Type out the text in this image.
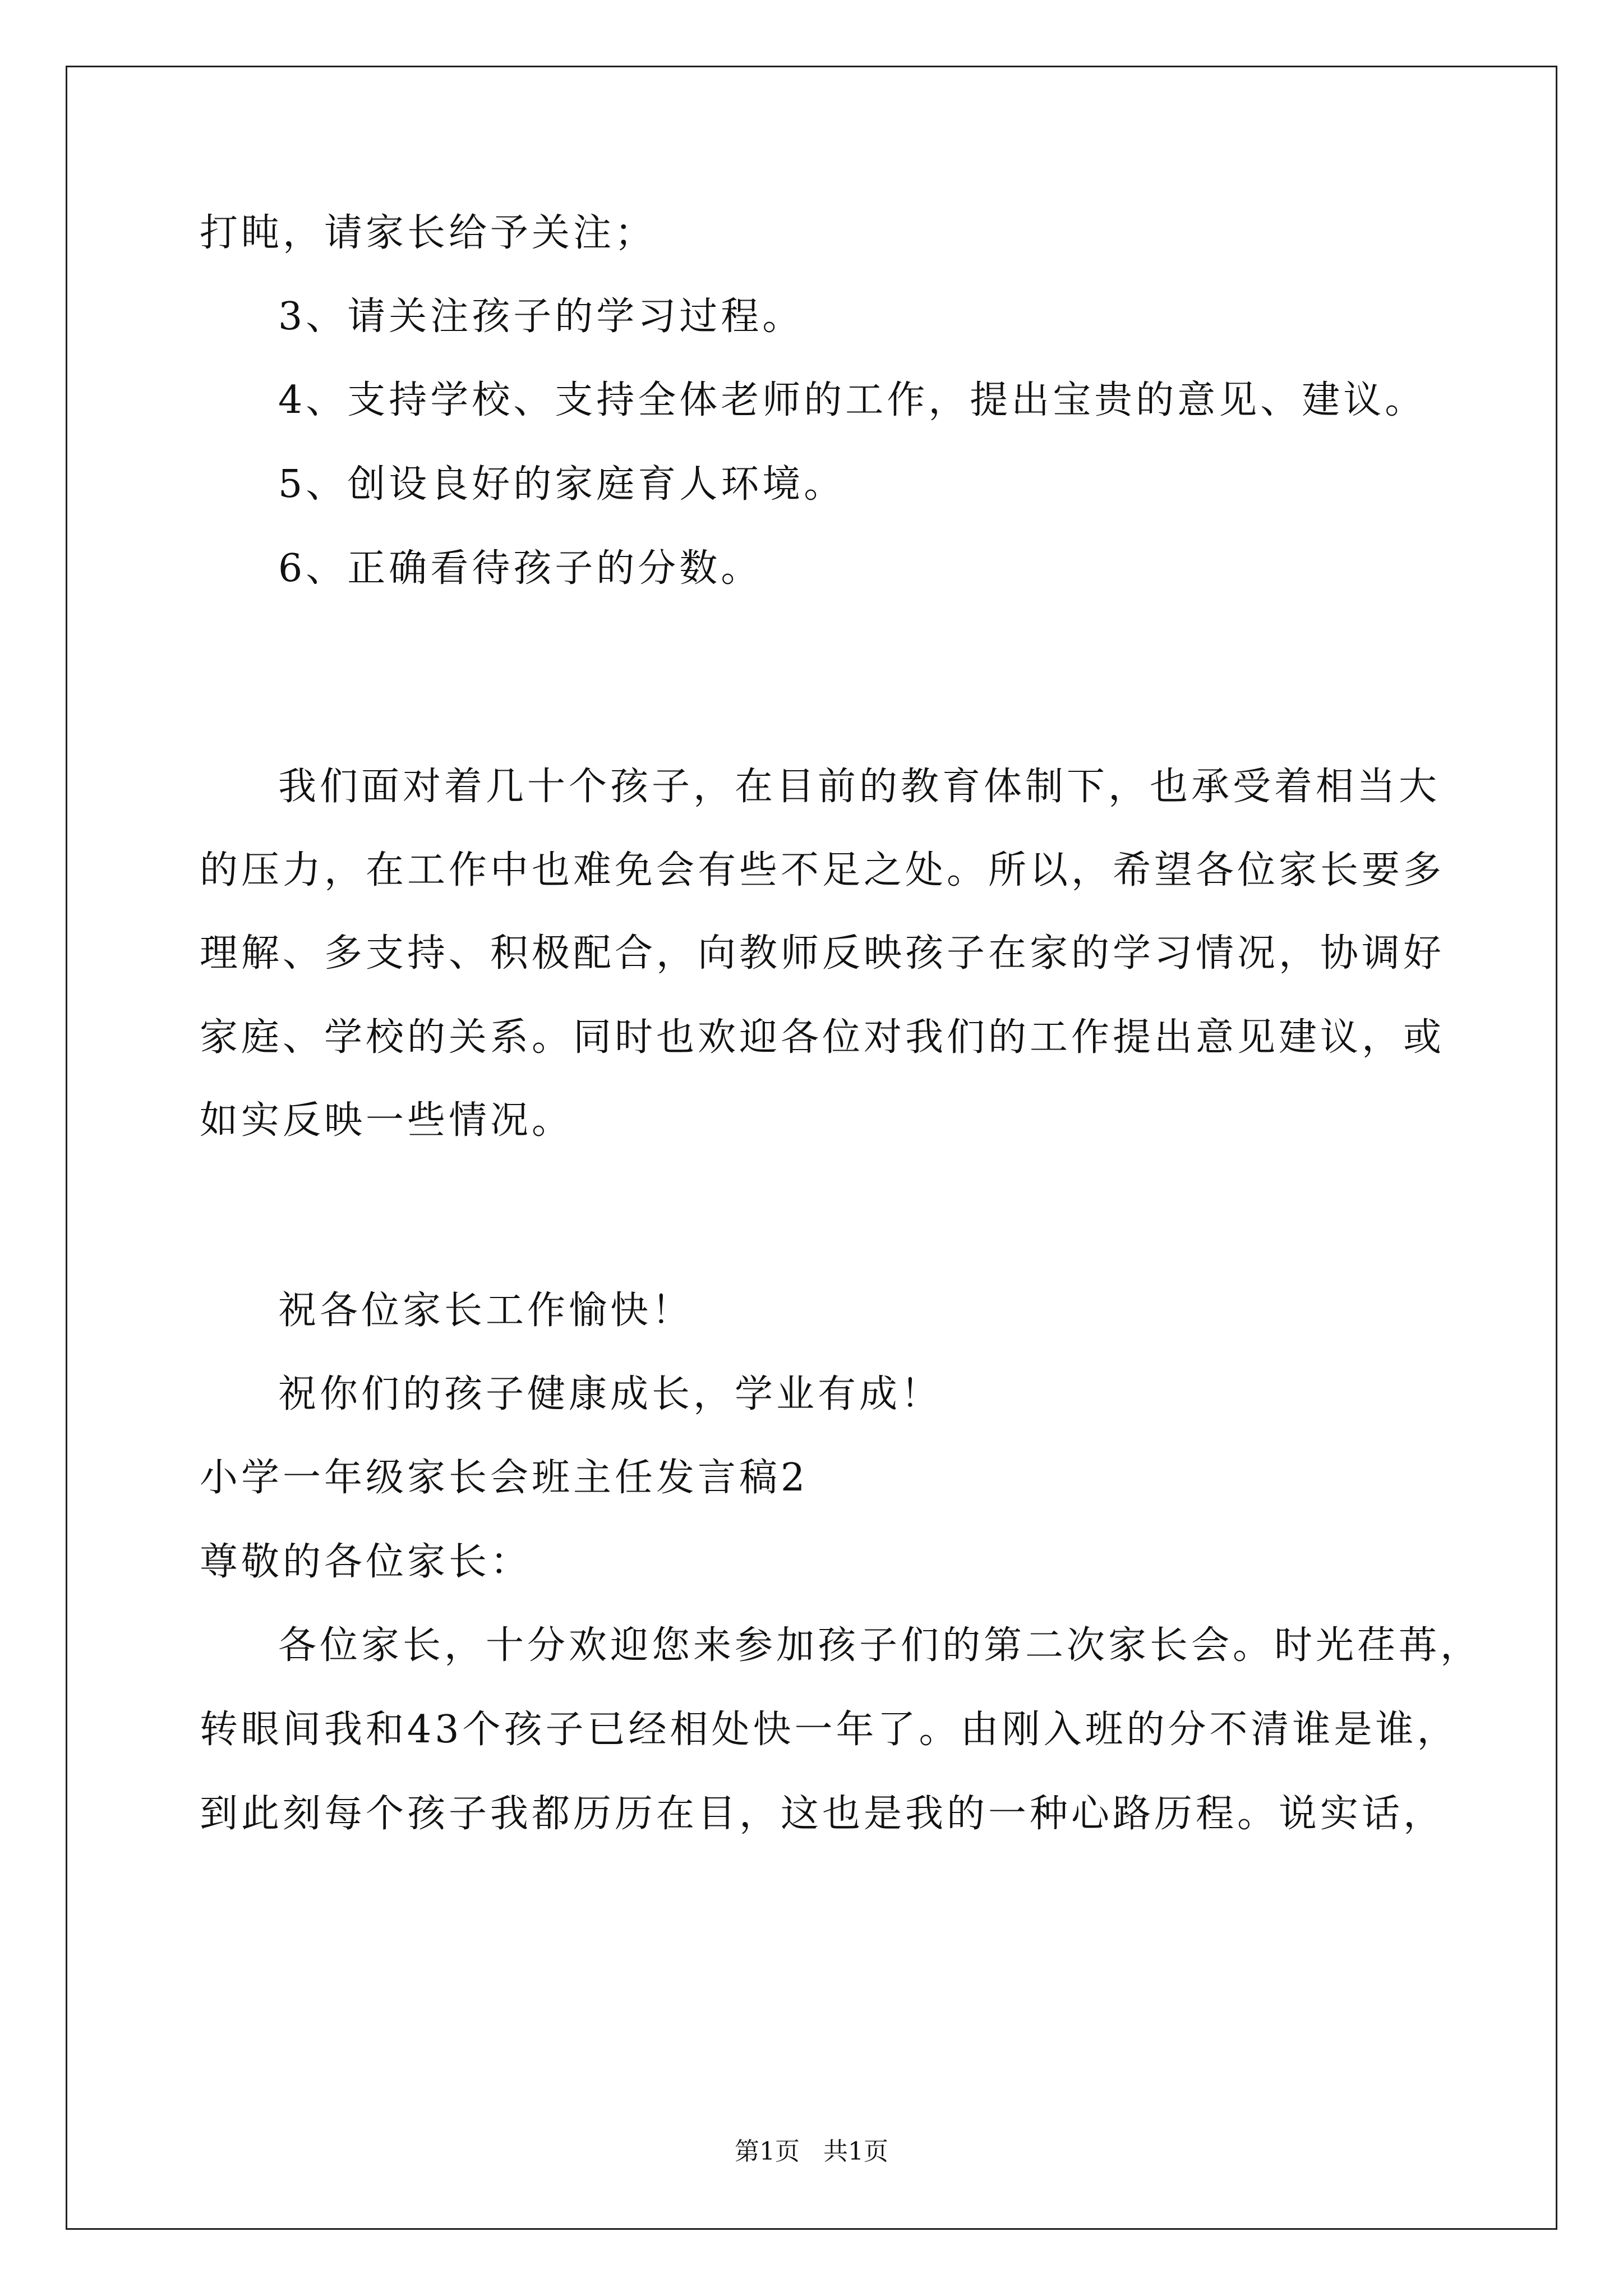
打盹，请家长给予关注；
3、请关注孩子的学习过程。
4、支持学校、支持全体老师的工作，提出宝贵的意见、建议。
5、创设良好的家庭育人环境。
6、正确看待孩子的分数。
我们面对着几十个孩子，在目前的教育体制下，也承受着相当大
的压力，在工作中也难免会有些不足之处。所以，希望各位家长要多
理解、多支持、积极配合，向教师反映孩子在家的学习情况，协调好
家庭、学校的关系。同时也欢迎各位对我们的工作提出意见建议，或
如实反映一些情况。
祝各位家长工作愉快！
祝你们的孩子健康成长，学业有成！
小学一年级家长会班主任发言稿2
尊敬的各位家长：
各位家长，十分欢迎您来参加孩子们的第二次家长会。时光荏苒，
转眼间我和43个孩子已经相处快一年了。由刚入班的分不清谁是谁，
到此刻每个孩子我都历历在目，这也是我的一种心路历程。说实话，
第1页   共1页
